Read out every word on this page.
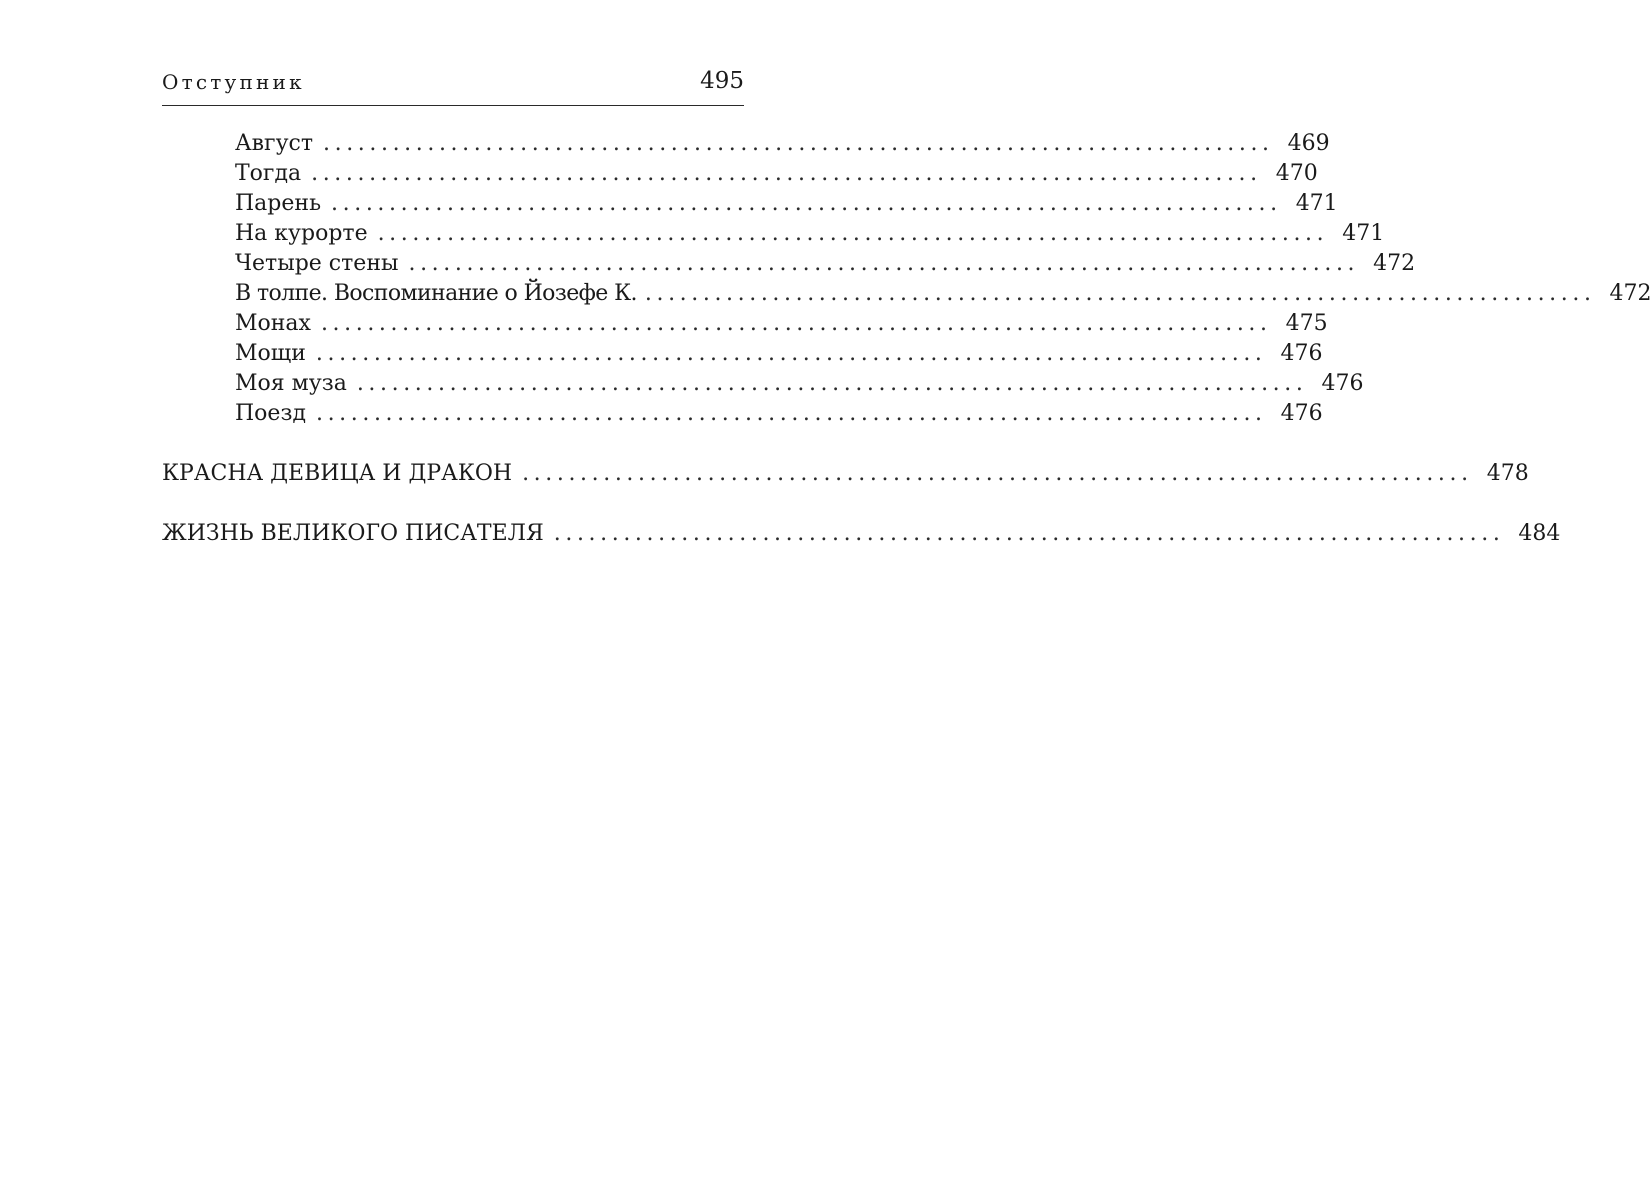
Отступник	495
Август .................................................................................. 469
Тогда .................................................................................. 470
Парень .................................................................................. 471
На курорте .................................................................................. 471
Четыре стены .................................................................................. 472
В толпе. Воспоминание о Йозефе К. .................................................................................. 472
Монах .................................................................................. 475
Мощи .................................................................................. 476
Моя муза .................................................................................. 476
Поезд .................................................................................. 476
КРАСНА ДЕВИЦА И ДРАКОН .................................................................................. 478
ЖИЗНЬ ВЕЛИКОГО ПИСАТЕЛЯ .................................................................................. 484
